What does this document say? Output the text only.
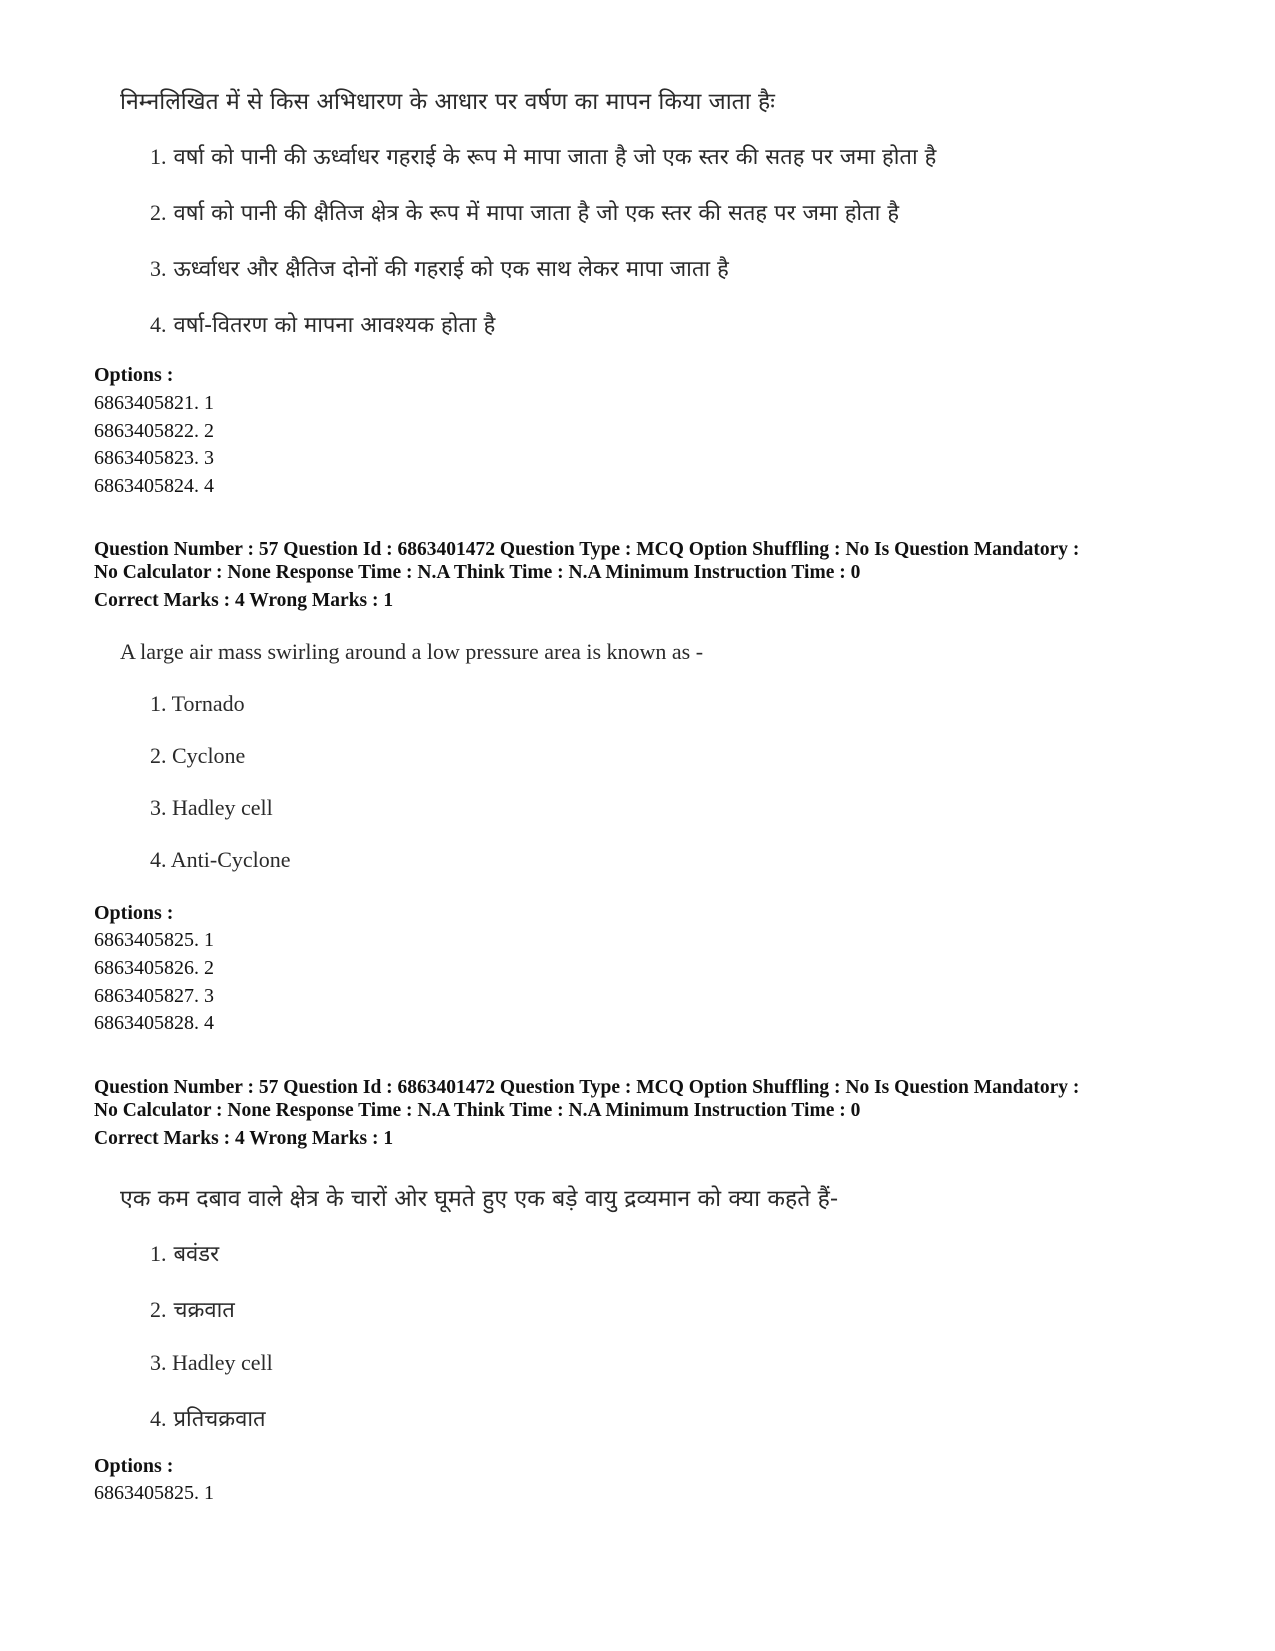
निम्नलिखित में से किस अभिधारण के आधार पर वर्षण का मापन किया जाता हैः
1. वर्षा को पानी की ऊर्ध्वाधर गहराई के रूप मे मापा जाता है जो एक स्तर की सतह पर जमा होता है
2. वर्षा को पानी की क्षैतिज क्षेत्र के रूप में मापा जाता है जो एक स्तर की सतह पर जमा होता है
3. ऊर्ध्वाधर और क्षैतिज दोनों की गहराई को एक साथ लेकर मापा जाता है
4. वर्षा-वितरण को मापना आवश्यक होता है
Options :
6863405821. 1
6863405822. 2
6863405823. 3
6863405824. 4
Question Number : 57 Question Id : 6863401472 Question Type : MCQ Option Shuffling : No Is Question Mandatory :
No Calculator : None Response Time : N.A Think Time : N.A Minimum Instruction Time : 0
Correct Marks : 4 Wrong Marks : 1
A large air mass swirling around a low pressure area is known as -
1. Tornado
2. Cyclone
3. Hadley cell
4. Anti-Cyclone
Options :
6863405825. 1
6863405826. 2
6863405827. 3
6863405828. 4
Question Number : 57 Question Id : 6863401472 Question Type : MCQ Option Shuffling : No Is Question Mandatory :
No Calculator : None Response Time : N.A Think Time : N.A Minimum Instruction Time : 0
Correct Marks : 4 Wrong Marks : 1
एक कम दबाव वाले क्षेत्र के चारों ओर घूमते हुए एक बड़े वायु द्रव्यमान को क्या कहते हैं-
1. बवंडर
2. चक्रवात
3. Hadley cell
4. प्रतिचक्रवात
Options :
6863405825. 1
